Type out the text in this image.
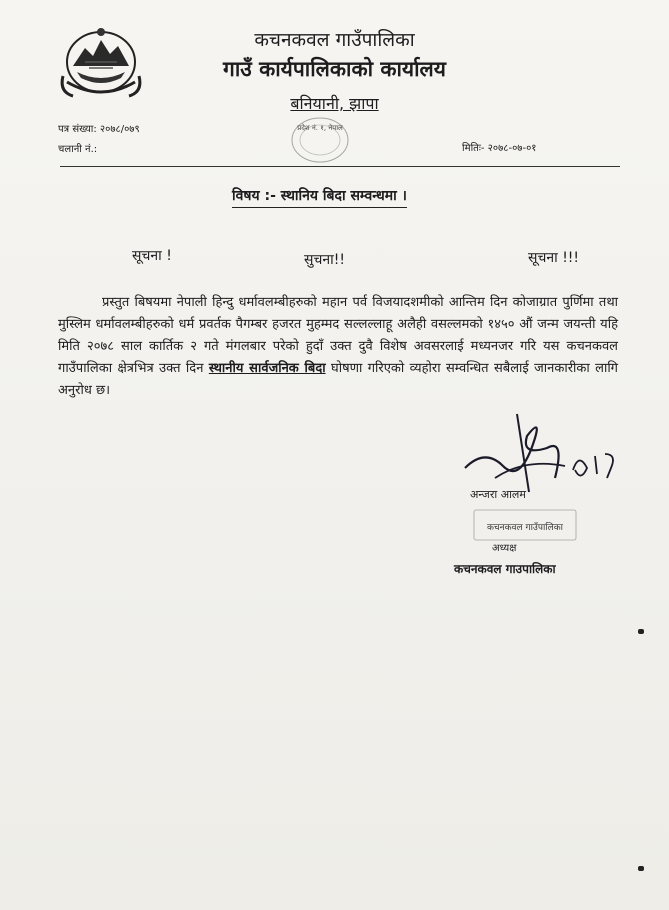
कचनकवल गाउँपालिका
गाउँ कार्यपालिकाको कार्यालय
बनियानी, झापा
प्रदेश नं. १, नेपाल
पत्र संख्या: २०७८/०७९
चलानी नं.:	मितिः- २०७८-०७-०१
विषय :- स्थानिय बिदा सम्वन्धमा ।
सूचना !	सुचना!!	सूचना !!!
प्रस्तुत बिषयमा नेपाली हिन्दु धर्मावलम्बीहरुको महान पर्व विजयादशमीको आन्तिम दिन कोजाग्रात पुर्णिमा तथा मुस्लिम धर्मावलम्बीहरुको धर्म प्रवर्तक पैगम्बर हजरत मुहम्मद सल्लल्लाहू अलैही वसल्लमको १४५० औं जन्म जयन्ती यहि मिति २०७८ साल कार्तिक २ गते मंगलबार परेको हुदाँ उक्त दुवै विशेष अवसरलाई मध्यनजर गरि यस कचनकवल गाउँपालिका क्षेत्रभित्र उक्त दिन स्थानीय सार्वजनिक बिदा घोषणा गरिएको व्यहोरा सम्वन्धित सबैलाई जानकारीका लागि अनुरोध छ।
अन्जरा आलम
कचनकवल गाउँपालिका
अध्यक्ष
कचनकवल गाउपालिका
